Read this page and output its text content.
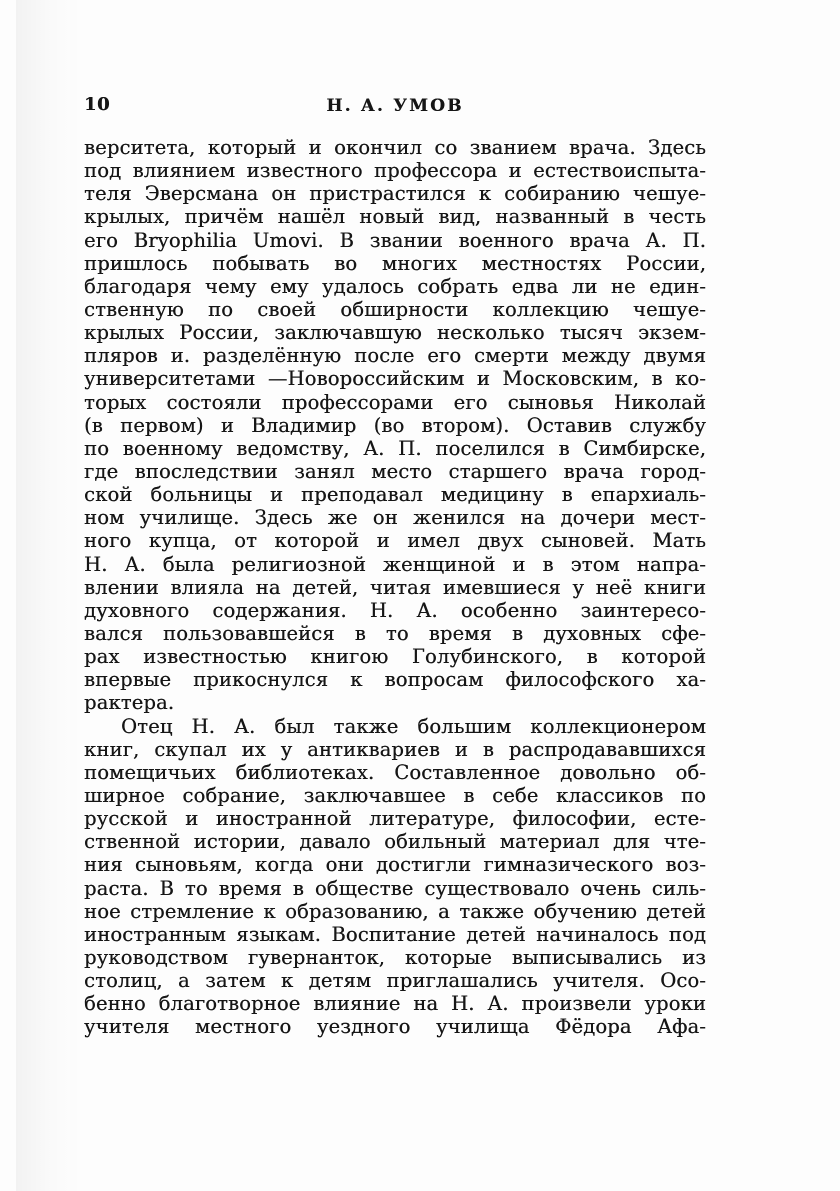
10	Н. А. УМОВ
верситета, который и окончил со званием врача. Здесь
под влиянием известного профессора и естествоиспыта-
теля Эверсмана он пристрастился к собиранию чешуе-
крылых, причём нашёл новый вид, названный в честь
его Bryophilia Umovi. В звании военного врача А. П.
пришлось побывать во многих местностях России,
благодаря чему ему удалось собрать едва ли не един-
ственную по своей обширности коллекцию чешуе-
крылых России, заключавшую несколько тысяч экзем-
пляров и. разделённую после его смерти между двумя
университетами —Новороссийским и Московским, в ко-
торых состояли профессорами его сыновья Николай
(в первом) и Владимир (во втором). Оставив службу
по военному ведомству, А. П. поселился в Симбирске,
где впоследствии занял место старшего врача город-
ской больницы и преподавал медицину в епархиаль-
ном училище. Здесь же он женился на дочери мест-
ного купца, от которой и имел двух сыновей. Мать
Н. А. была религиозной женщиной и в этом напра-
влении влияла на детей, читая имевшиеся у неё книги
духовного содержания. Н. А. особенно заинтересо-
вался пользовавшейся в то время в духовных сфе-
рах известностью книгою Голубинского, в которой
впервые прикоснулся к вопросам философского ха-
рактера.
Отец Н. А. был также большим коллекционером
книг, скупал их у антиквариев и в распродававшихся
помещичьих библиотеках. Составленное довольно об-
ширное собрание, заключавшее в себе классиков по
русской и иностранной литературе, философии, есте-
ственной истории, давало обильный материал для чте-
ния сыновьям, когда они достигли гимназического воз-
раста. В то время в обществе существовало очень силь-
ное стремление к образованию, а также обучению детей
иностранным языкам. Воспитание детей начиналось под
руководством гувернанток, которые выписывались из
столиц, а затем к детям приглашались учителя. Осо-
бенно благотворное влияние на Н. А. произвели уроки
учителя местного уездного училища Фёдора Афа-
